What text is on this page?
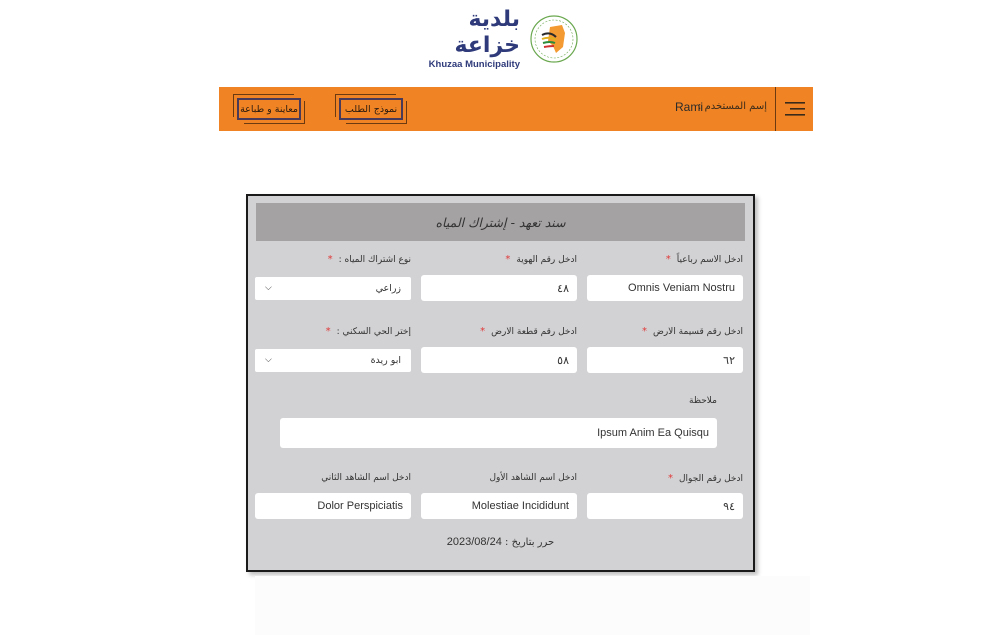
بلدية خزاعة
Khuzaa Municipality
إسم المستخدم :
Rami
نموذج الطلب
معاينة و طباعة
سند تعهد - إشتراك المياه
ادخل الاسم رباعياً*
Omnis Veniam Nostru
ادخل رقم الهوية*
٤٨
نوع اشتراك المياه :*
زراعي
⌵
ادخل رقم قسيمة الارض*
٦٢
ادخل رقم قطعة الارض*
٥٨
إختر الحي السكني :*
ابو ريدة
⌵
ملاحظة
Ipsum Anim Ea Quisqu
ادخل رقم الجوال*
٩٤
ادخل اسم الشاهد الأول
Molestiae Incididunt
ادخل اسم الشاهد الثاني
Dolor Perspiciatis
حرر بتاريخ : 2023/08/24
